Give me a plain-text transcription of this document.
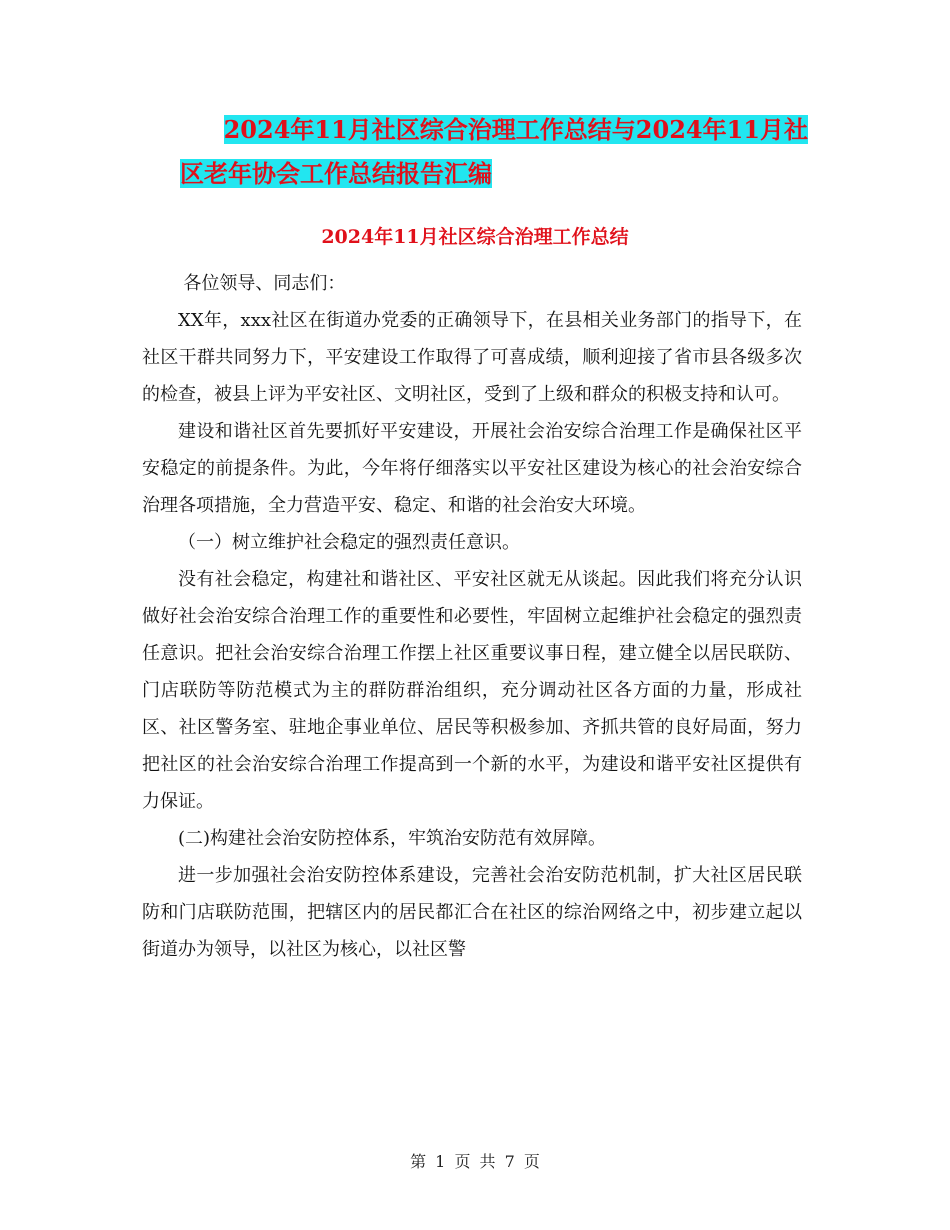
2024年11月社区综合治理工作总结与2024年11月社
区老年协会工作总结报告汇编
2024年11月社区综合治理工作总结

各位领导、同志们：

XX年，xxx社区在街道办党委的正确领导下，在县相关业务部门的指导下，在社区干群共同努力下，平安建设工作取得了可喜成绩，顺利迎接了省市县各级多次的检查，被县上评为平安社区、文明社区，受到了上级和群众的积极支持和认可。

建设和谐社区首先要抓好平安建设，开展社会治安综合治理工作是确保社区平安稳定的前提条件。为此，今年将仔细落实以平安社区建设为核心的社会治安综合治理各项措施，全力营造平安、稳定、和谐的社会治安大环境。

（一）树立维护社会稳定的强烈责任意识。

没有社会稳定，构建社和谐社区、平安社区就无从谈起。因此我们将充分认识做好社会治安综合治理工作的重要性和必要性，牢固树立起维护社会稳定的强烈责任意识。把社会治安综合治理工作摆上社区重要议事日程，建立健全以居民联防、门店联防等防范模式为主的群防群治组织，充分调动社区各方面的力量，形成社区、社区警务室、驻地企事业单位、居民等积极参加、齐抓共管的良好局面，努力把社区的社会治安综合治理工作提高到一个新的水平，为建设和谐平安社区提供有力保证。

(二)构建社会治安防控体系，牢筑治安防范有效屏障。

进一步加强社会治安防控体系建设，完善社会治安防范机制，扩大社区居民联防和门店联防范围，把辖区内的居民都汇合在社区的综治网络之中，初步建立起以街道办为领导，以社区为核心，以社区警

第 1 页 共 7 页
